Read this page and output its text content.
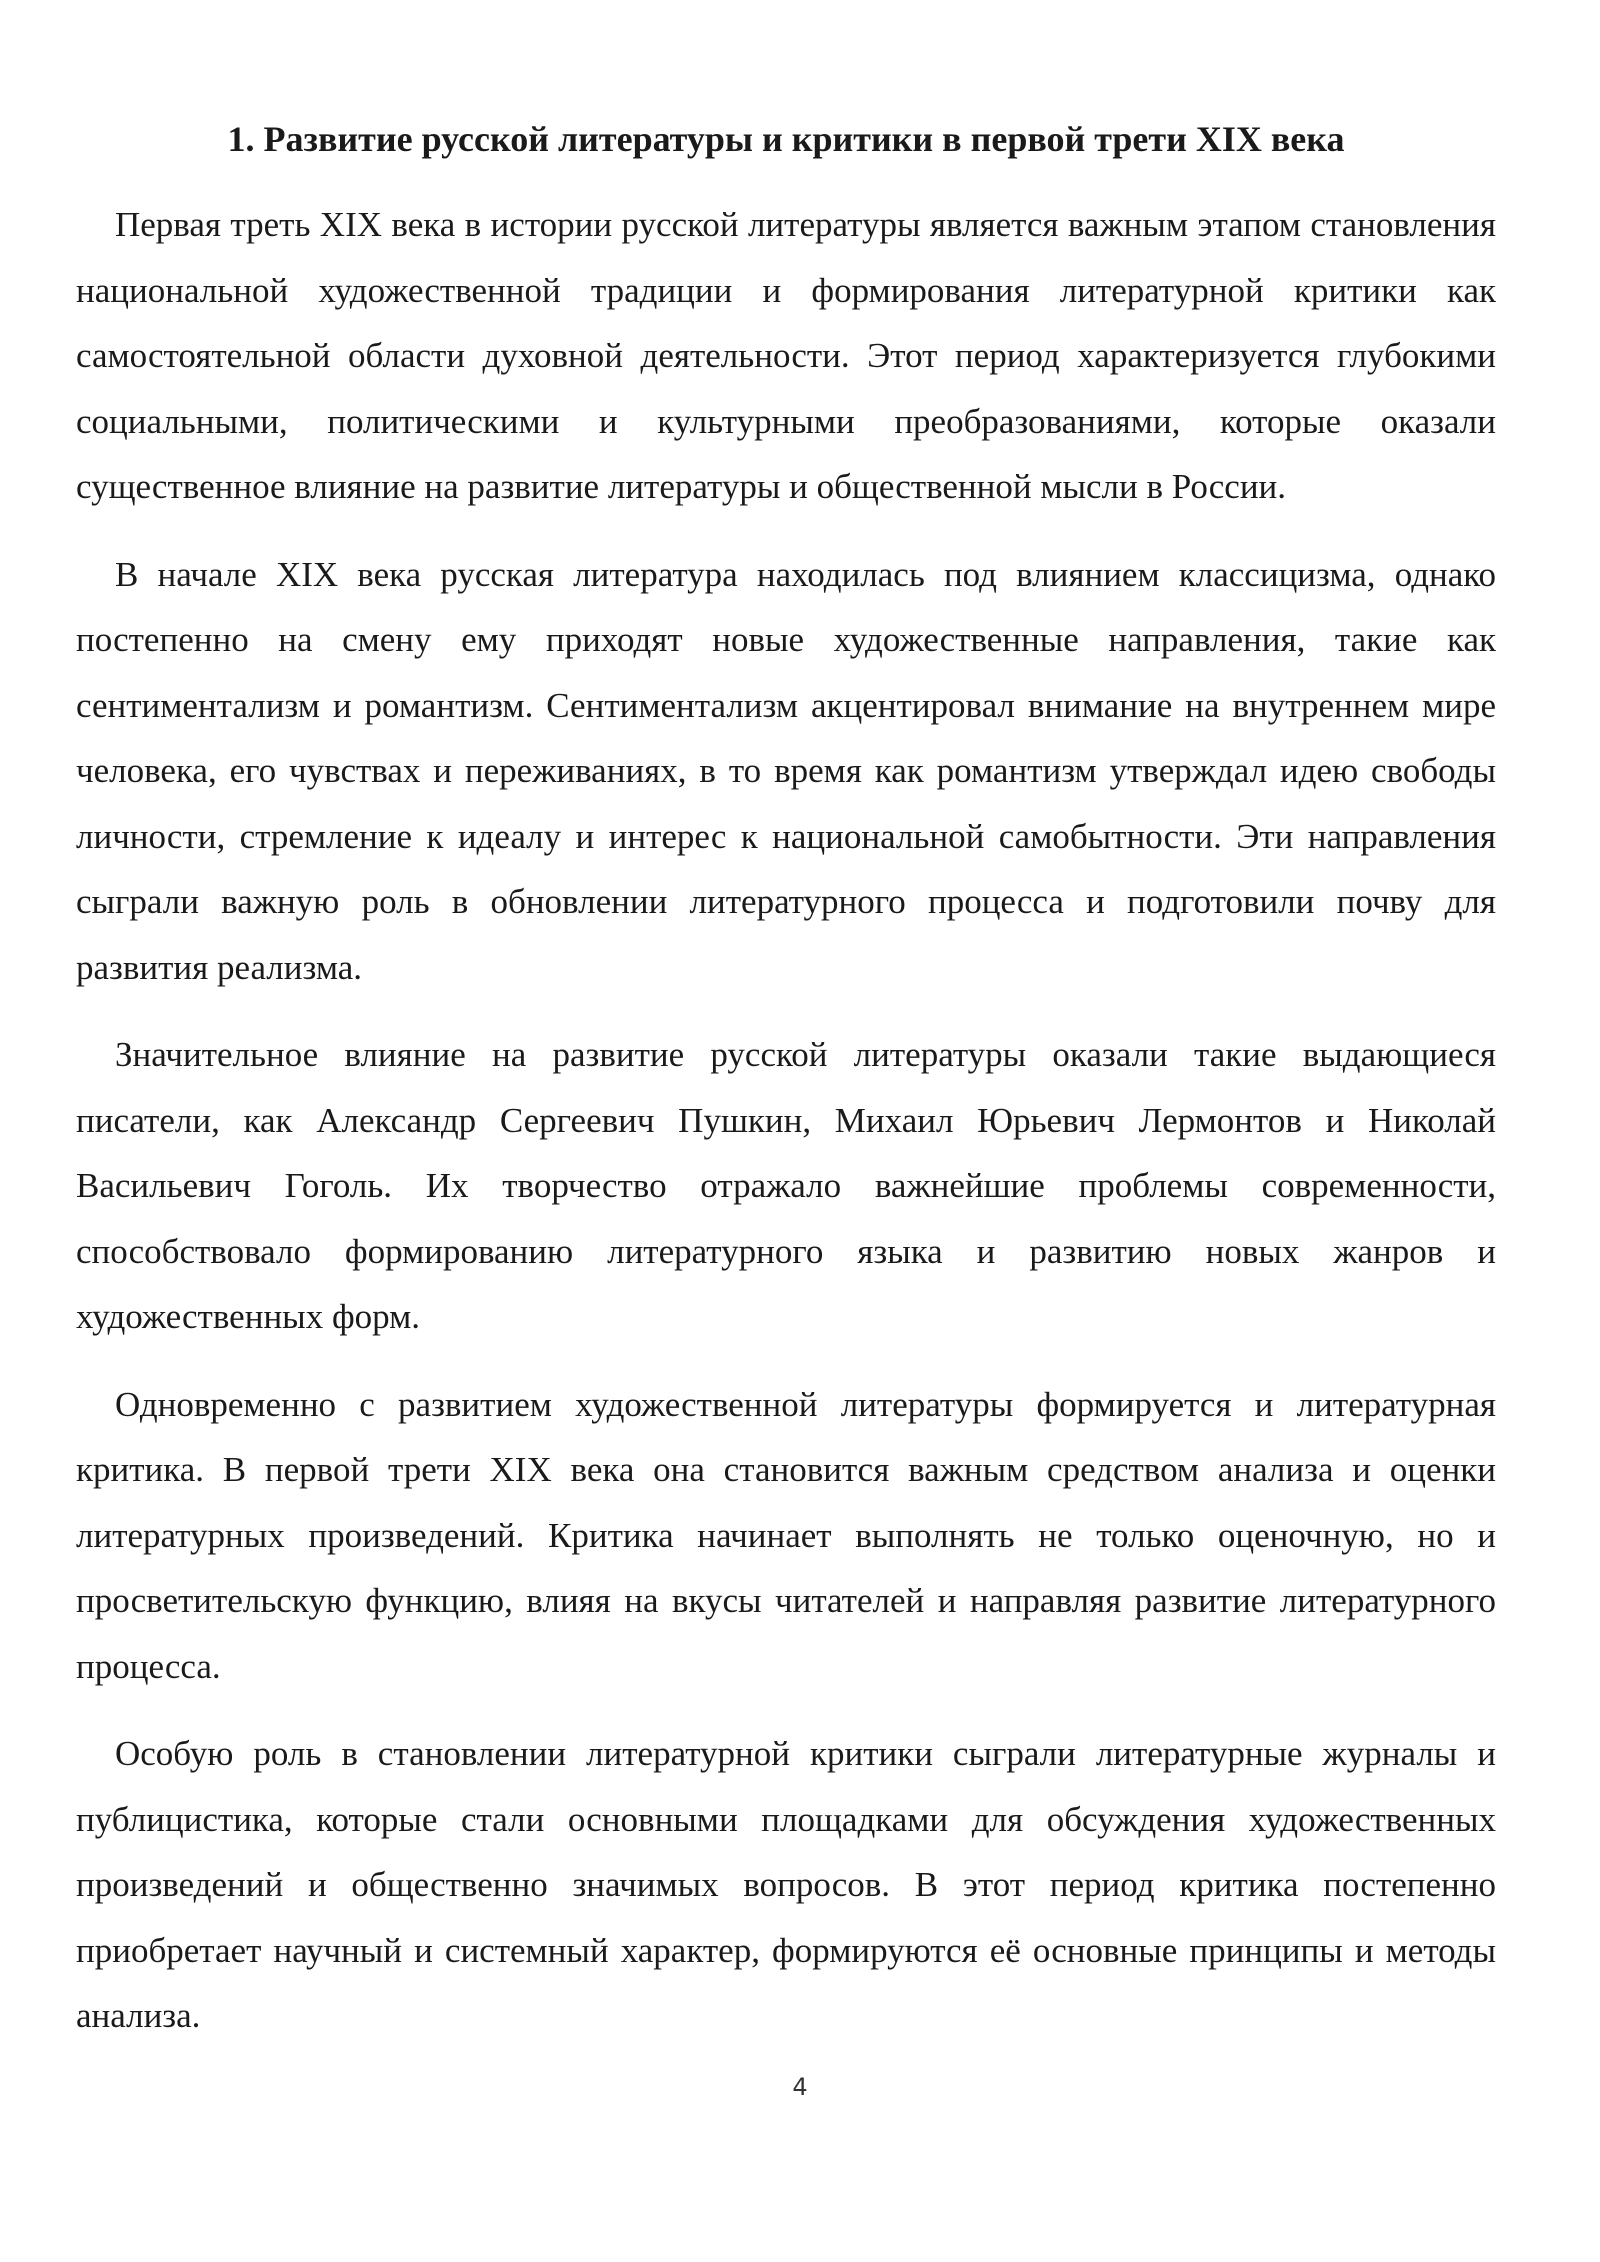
1. Развитие русской литературы и критики в первой трети XIX века

Первая треть XIX века в истории русской литературы является важным этапом становления национальной художественной традиции и формирования литературной критики как самостоятельной области духовной деятельности. Этот период характеризуется глубокими социальными, политическими и культурными преобразованиями, которые оказали существенное влияние на развитие литературы и общественной мысли в России.

В начале XIX века русская литература находилась под влиянием классицизма, однако постепенно на смену ему приходят новые художественные направления, такие как сентиментализм и романтизм. Сентиментализм акцентировал внимание на внутреннем мире человека, его чувствах и переживаниях, в то время как романтизм утверждал идею свободы личности, стремление к идеалу и интерес к национальной самобытности. Эти направления сыграли важную роль в обновлении литературного процесса и подготовили почву для развития реализма.

Значительное влияние на развитие русской литературы оказали такие выдающиеся писатели, как Александр Сергеевич Пушкин, Михаил Юрьевич Лермонтов и Николай Васильевич Гоголь. Их творчество отражало важнейшие проблемы современности, способствовало формированию литературного языка и развитию новых жанров и художественных форм.

Одновременно с развитием художественной литературы формируется и литературная критика. В первой трети XIX века она становится важным средством анализа и оценки литературных произведений. Критика начинает выполнять не только оценочную, но и просветительскую функцию, влияя на вкусы читателей и направляя развитие литературного процесса.

Особую роль в становлении литературной критики сыграли литературные журналы и публицистика, которые стали основными площадками для обсуждения художественных произведений и общественно значимых вопросов. В этот период критика постепенно приобретает научный и системный характер, формируются её основные принципы и методы анализа.

4
